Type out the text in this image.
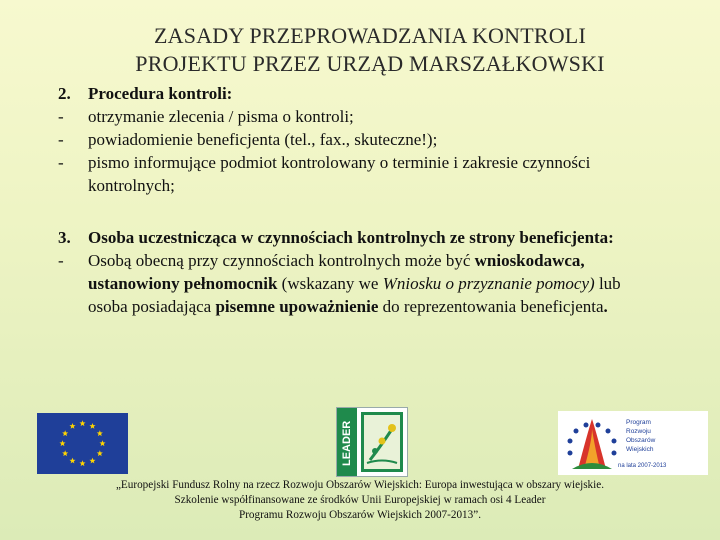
ZASADY PRZEPROWADZANIA KONTROLI
PROJEKTU PRZEZ URZĄD MARSZAŁKOWSKI
2.	Procedura kontroli:
-	otrzymanie zlecenia / pisma o kontroli;
-	powiadomienie beneficjenta (tel., fax., skuteczne!);
-	pismo informujące podmiot kontrolowany o terminie i zakresie czynności kontrolnych;
3.	Osoba uczestnicząca w czynnościach kontrolnych ze strony beneficjenta:
-	Osobą obecną przy czynnościach kontrolnych może być wnioskodawca, ustanowiony pełnomocnik (wskazany we Wniosku o przyznanie pomocy) lub osoba posiadająca pisemne upoważnienie do reprezentowania beneficjenta.
LEADER	Program
Rozwoju
Obszarów
Wiejskich
na lata 2007-2013
„Europejski Fundusz Rolny na rzecz Rozwoju Obszarów Wiejskich: Europa inwestująca w obszary wiejskie.
Szkolenie współfinansowane ze środków Unii Europejskiej w ramach osi 4 Leader
Programu Rozwoju Obszarów Wiejskich 2007-2013”.
